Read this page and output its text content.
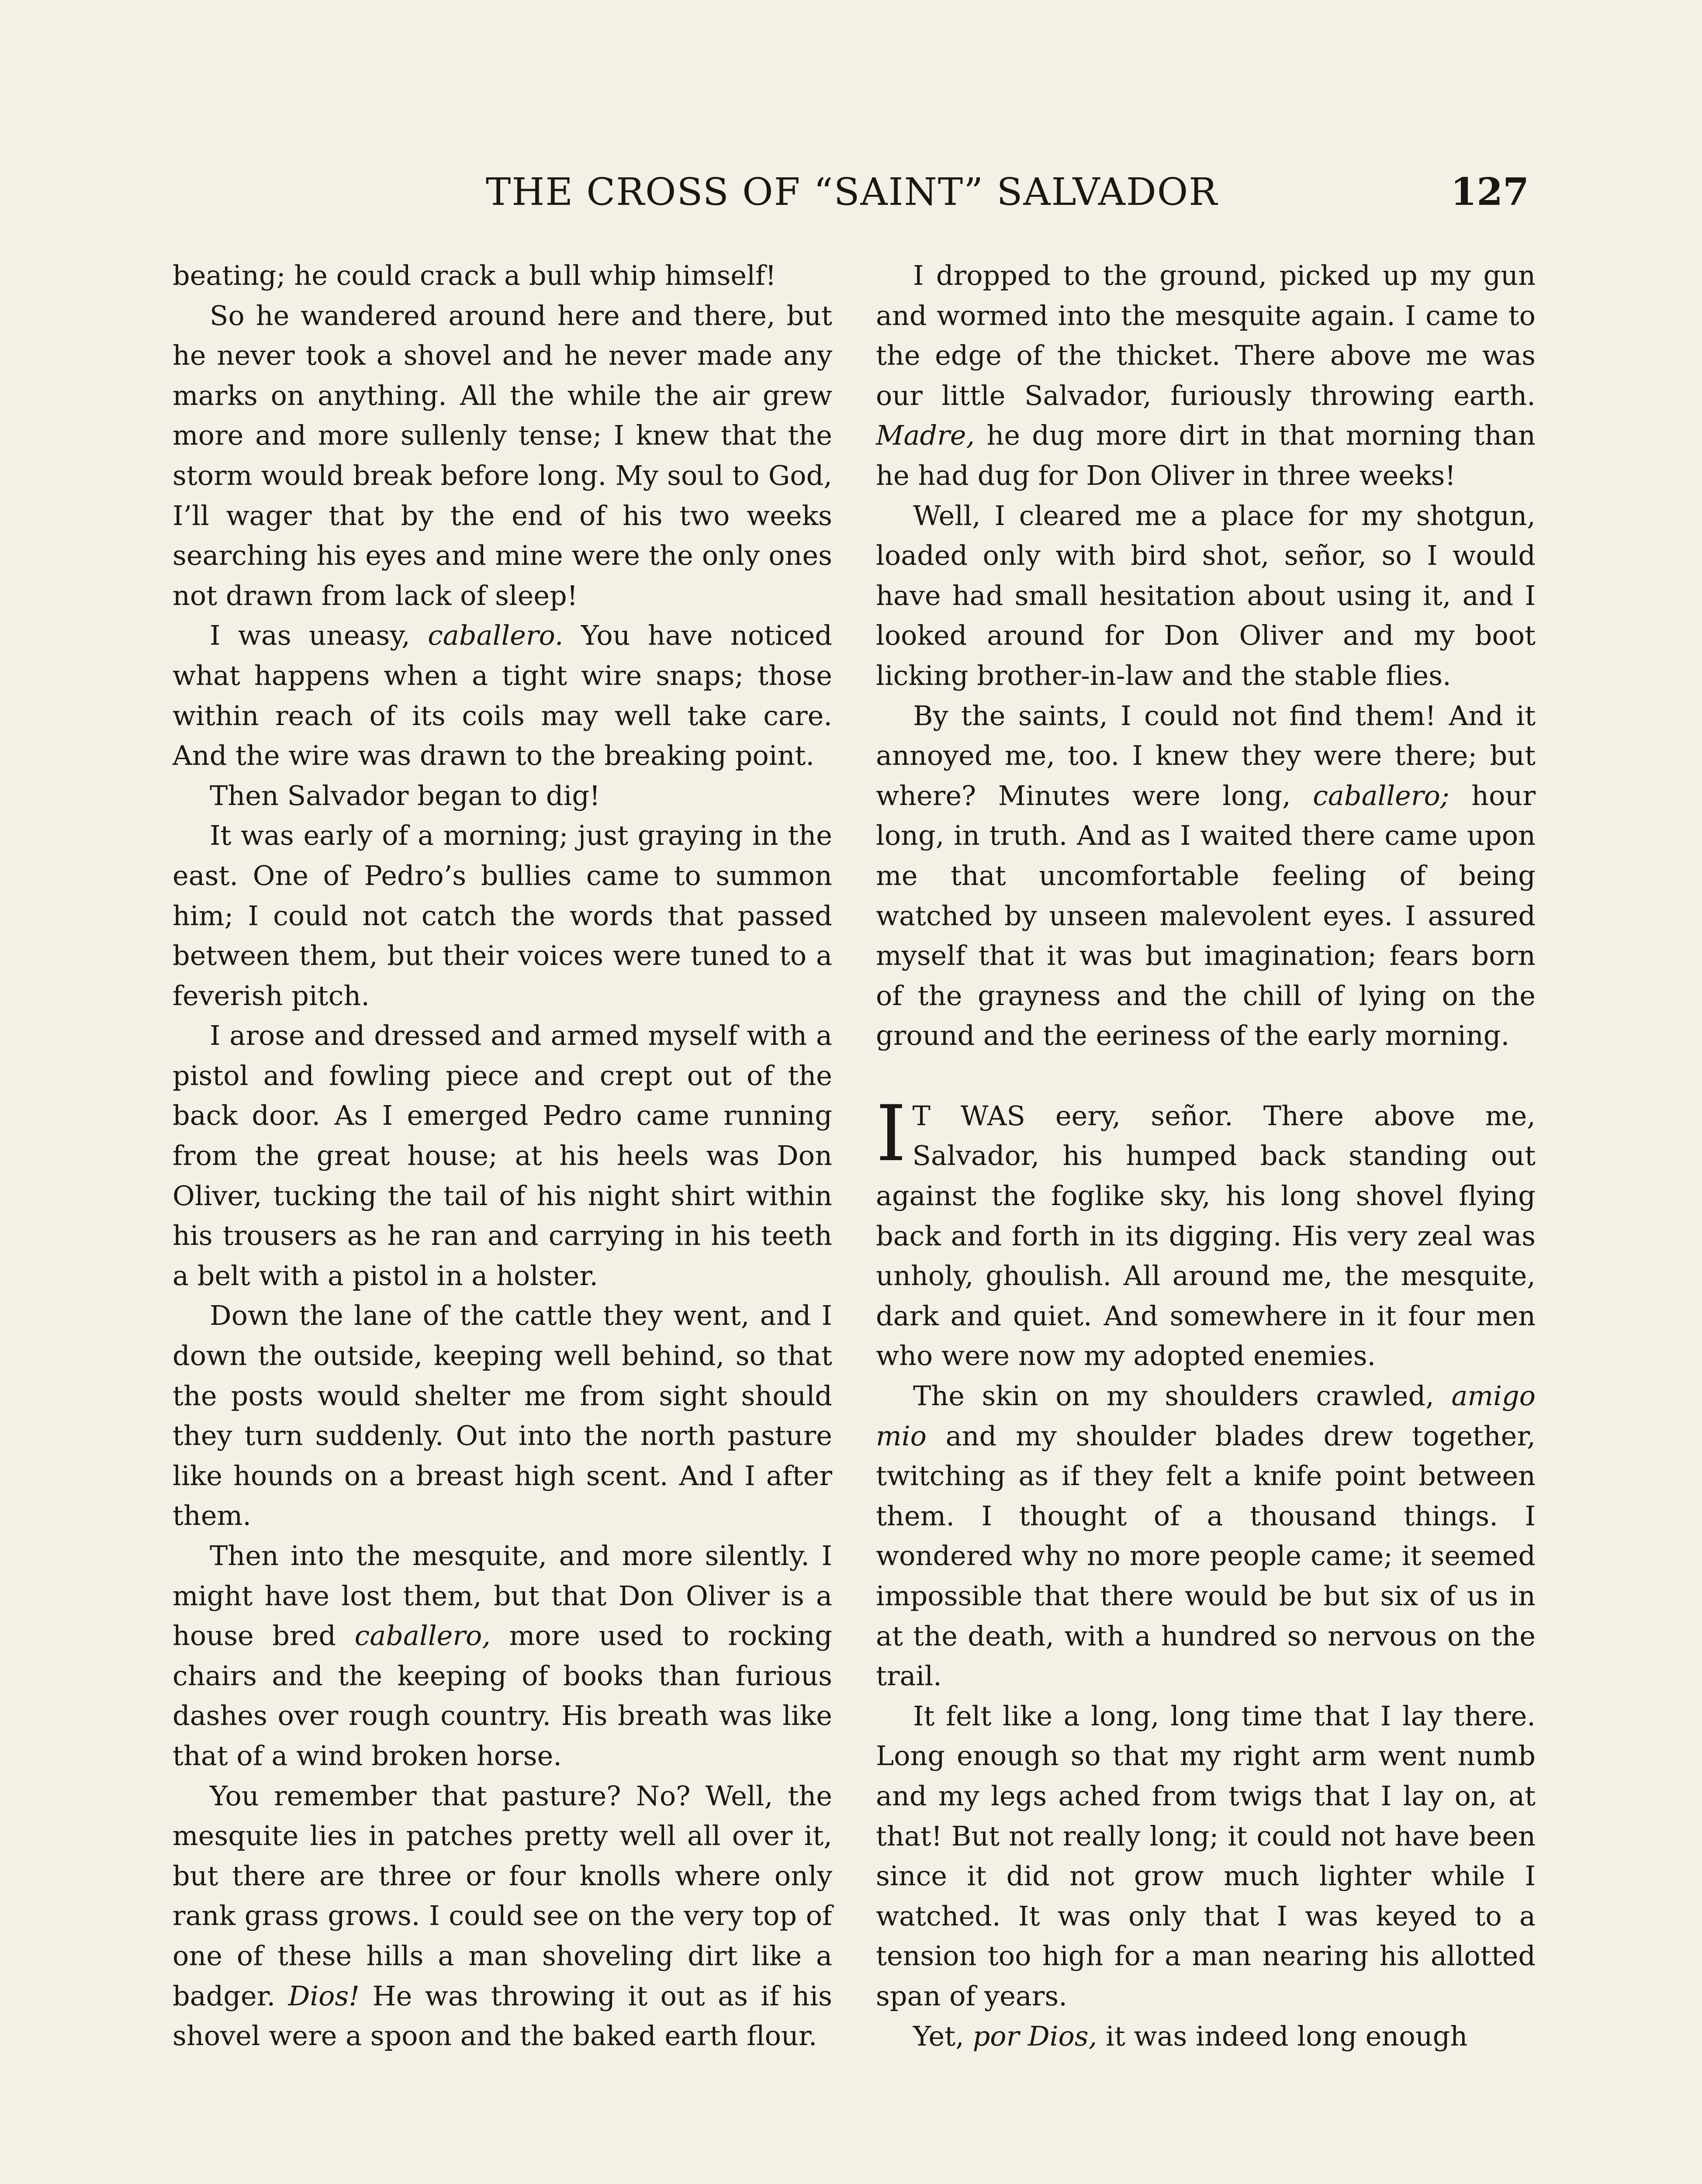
THE CROSS OF “SAINT” SALVADOR	127

beating; he could crack a bull whip himself!

So he wandered around here and there, but he never took a shovel and he never made any marks on anything. All the while the air grew more and more sullenly tense; I knew that the storm would break before long. My soul to God, I’ll wager that by the end of his two weeks searching his eyes and mine were the only ones not drawn from lack of sleep!

I was uneasy, caballero. You have noticed what happens when a tight wire snaps; those within reach of its coils may well take care. And the wire was drawn to the breaking point.

Then Salvador began to dig!

It was early of a morning; just graying in the east. One of Pedro’s bullies came to summon him; I could not catch the words that passed between them, but their voices were tuned to a feverish pitch.

I arose and dressed and armed myself with a pistol and fowling piece and crept out of the back door. As I emerged Pedro came running from the great house; at his heels was Don Oliver, tucking the tail of his night shirt within his trousers as he ran and carrying in his teeth a belt with a pistol in a holster.

Down the lane of the cattle they went, and I down the outside, keeping well behind, so that the posts would shelter me from sight should they turn suddenly. Out into the north pasture like hounds on a breast high scent. And I after them.

Then into the mesquite, and more silently. I might have lost them, but that Don Oliver is a house bred caballero, more used to rocking chairs and the keeping of books than furious dashes over rough country. His breath was like that of a wind broken horse.

You remember that pasture? No? Well, the mesquite lies in patches pretty well all over it, but there are three or four knolls where only rank grass grows. I could see on the very top of one of these hills a man shoveling dirt like a badger. Dios! He was throwing it out as if his shovel were a spoon and the baked earth flour.

I dropped to the ground, picked up my gun and wormed into the mesquite again. I came to the edge of the thicket. There above me was our little Salvador, furiously throwing earth. Madre, he dug more dirt in that morning than he had dug for Don Oliver in three weeks!

Well, I cleared me a place for my shotgun, loaded only with bird shot, señor, so I would have had small hesitation about using it, and I looked around for Don Oliver and my boot licking brother-in-law and the stable flies.

By the saints, I could not find them! And it annoyed me, too. I knew they were there; but where? Minutes were long, caballero; hour long, in truth. And as I waited there came upon me that uncomfortable feeling of being watched by unseen malevolent eyes. I assured myself that it was but imagination; fears born of the grayness and the chill of lying on the ground and the eeriness of the early morning.

I T WAS eery, señor. There above me, Salvador, his humped back standing out against the foglike sky, his long shovel flying back and forth in its digging. His very zeal was unholy, ghoulish. All around me, the mesquite, dark and quiet. And somewhere in it four men who were now my adopted enemies.

The skin on my shoulders crawled, amigo mio and my shoulder blades drew together, twitching as if they felt a knife point between them. I thought of a thousand things. I wondered why no more people came; it seemed impossible that there would be but six of us in at the death, with a hundred so nervous on the trail.

It felt like a long, long time that I lay there. Long enough so that my right arm went numb and my legs ached from twigs that I lay on, at that! But not really long; it could not have been since it did not grow much lighter while I watched. It was only that I was keyed to a tension too high for a man nearing his allotted span of years.

Yet, por Dios, it was indeed long enough
